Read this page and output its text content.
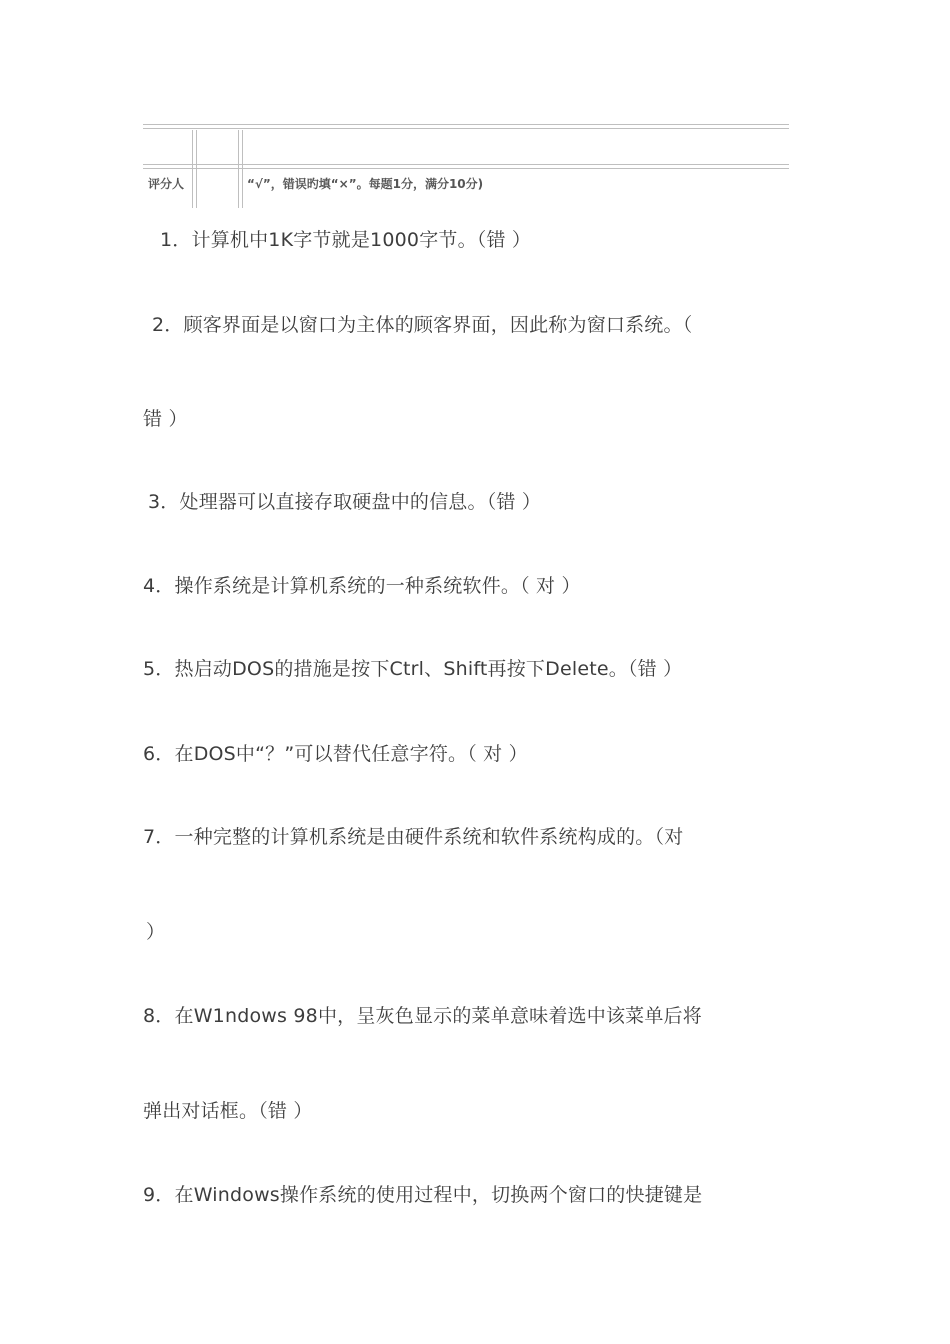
评分人	“√”，错误旳填“×”。每题1分，满分10分)
1．计算机中1K字节就是1000字节。（错 ）
2．顾客界面是以窗口为主体的顾客界面，因此称为窗口系统。（
错 ）
3．处理器可以直接存取硬盘中的信息。（错 ）
4．操作系统是计算机系统的一种系统软件。（ 对 ）
5．热启动DOS的措施是按下Ctrl、Shift再按下Delete。（错 ）
6．在DOS中“？”可以替代任意字符。（ 对 ）
7．一种完整的计算机系统是由硬件系统和软件系统构成的。（对
）
8．在W1ndows 98中，呈灰色显示的菜单意味着选中该菜单后将
弹出对话框。（错 ）
9．在Windows操作系统的使用过程中，切换两个窗口的快捷键是
